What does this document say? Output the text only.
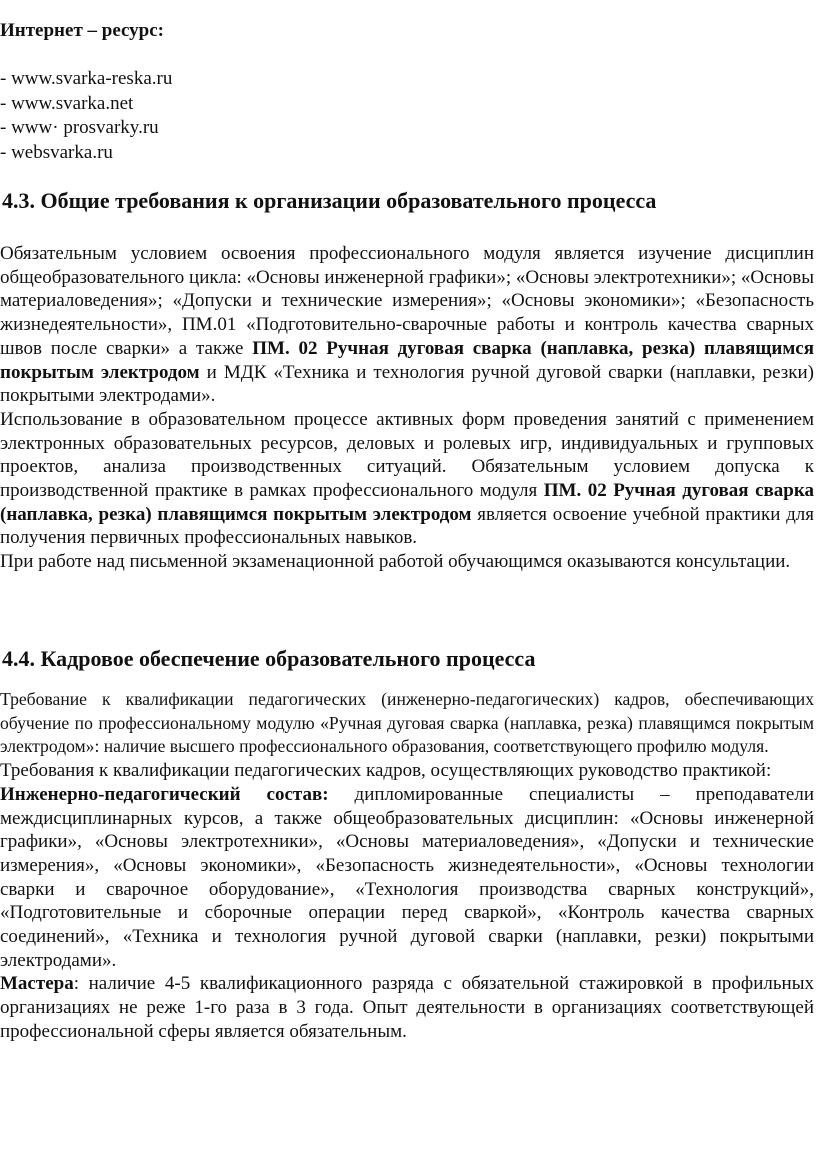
Интернет – ресурс:
- www.svarka-reska.ru
- www.svarka.net
- www· prosvarky.ru
- websvarka.ru
4.3. Общие требования к организации образовательного процесса

Обязательным условием освоения профессионального модуля является изучение дисциплин общеобразовательного цикла: «Основы инженерной графики»; «Основы электротехники»; «Основы материаловедения»; «Допуски и технические измерения»; «Основы экономики»; «Безопасность жизнедеятельности», ПМ.01 «Подготовительно-сварочные работы и контроль качества сварных швов после сварки» а также ПМ. 02 Ручная дуговая сварка (наплавка, резка) плавящимся покрытым электродом и МДК «Техника и технология ручной дуговой сварки (наплавки, резки) покрытыми электродами».

Использование в образовательном процессе активных форм проведения занятий с применением электронных образовательных ресурсов, деловых и ролевых игр, индивидуальных и групповых проектов, анализа производственных ситуаций. Обязательным условием допуска к производственной практике в рамках профессионального модуля ПМ. 02 Ручная дуговая сварка (наплавка, резка) плавящимся покрытым электродом является освоение учебной практики для получения первичных профессиональных навыков.

При работе над письменной экзаменационной работой обучающимся оказываются консультации.

4.4. Кадровое обеспечение образовательного процесса

Требование к квалификации педагогических (инженерно-педагогических) кадров, обеспечивающих обучение по профессиональному модулю «Ручная дуговая сварка (наплавка, резка) плавящимся покрытым электродом»: наличие высшего профессионального образования, соответствующего профилю модуля.

Требования к квалификации педагогических кадров, осуществляющих руководство практикой:

Инженерно-педагогический состав: дипломированные специалисты – преподаватели междисциплинарных курсов, а также общеобразовательных дисциплин: «Основы инженерной графики», «Основы электротехники», «Основы материаловедения», «Допуски и технические измерения», «Основы экономики», «Безопасность жизнедеятельности», «Основы технологии сварки и сварочное оборудование», «Технология производства сварных конструкций», «Подготовительные и сборочные операции перед сваркой», «Контроль качества сварных соединений», «Техника и технология ручной дуговой сварки (наплавки, резки) покрытыми электродами».

Мастера: наличие 4-5 квалификационного разряда с обязательной стажировкой в профильных организациях не реже 1-го раза в 3 года. Опыт деятельности в организациях соответствующей профессиональной сферы является обязательным.
